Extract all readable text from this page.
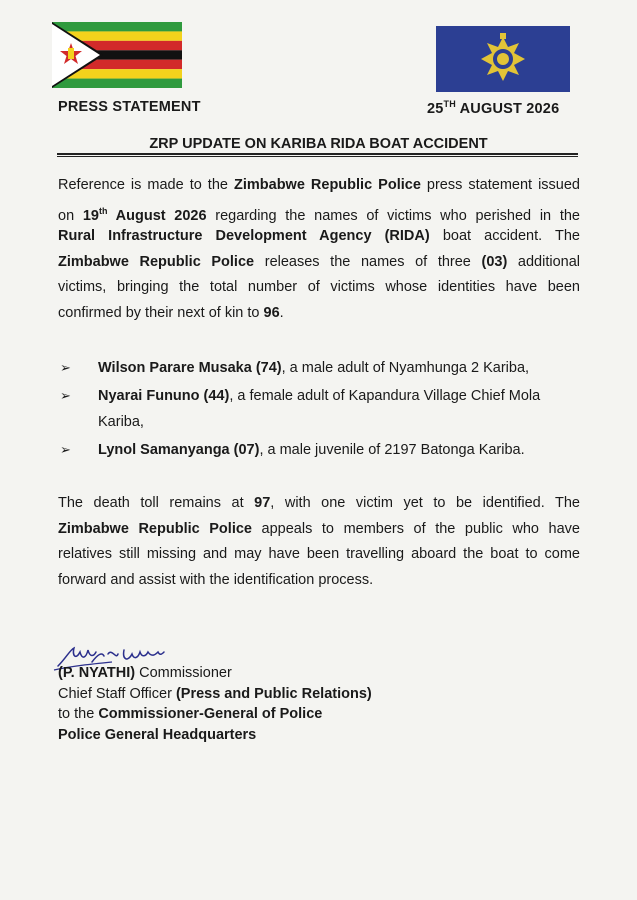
PRESS STATEMENT	25TH AUGUST 2026
ZRP UPDATE ON KARIBA RIDA BOAT ACCIDENT
Reference is made to the Zimbabwe Republic Police press statement issued
on 19th August 2026 regarding the names of victims who perished in the
Rural Infrastructure Development Agency (RIDA) boat accident. The
Zimbabwe Republic Police releases the names of three (03) additional
victims, bringing the total number of victims whose identities have been
confirmed by their next of kin to 96.
➢ Wilson Parare Musaka (74), a male adult of Nyamhunga 2 Kariba,
➢ Nyarai Fununo (44), a female adult of Kapandura Village Chief Mola
Kariba,
➢ Lynol Samanyanga (07), a male juvenile of 2197 Batonga Kariba.
The death toll remains at 97, with one victim yet to be identified. The
Zimbabwe Republic Police appeals to members of the public who have
relatives still missing and may have been travelling aboard the boat to come
forward and assist with the identification process.
(P. NYATHI) Commissioner
Chief Staff Officer (Press and Public Relations)
to the Commissioner-General of Police
Police General Headquarters
